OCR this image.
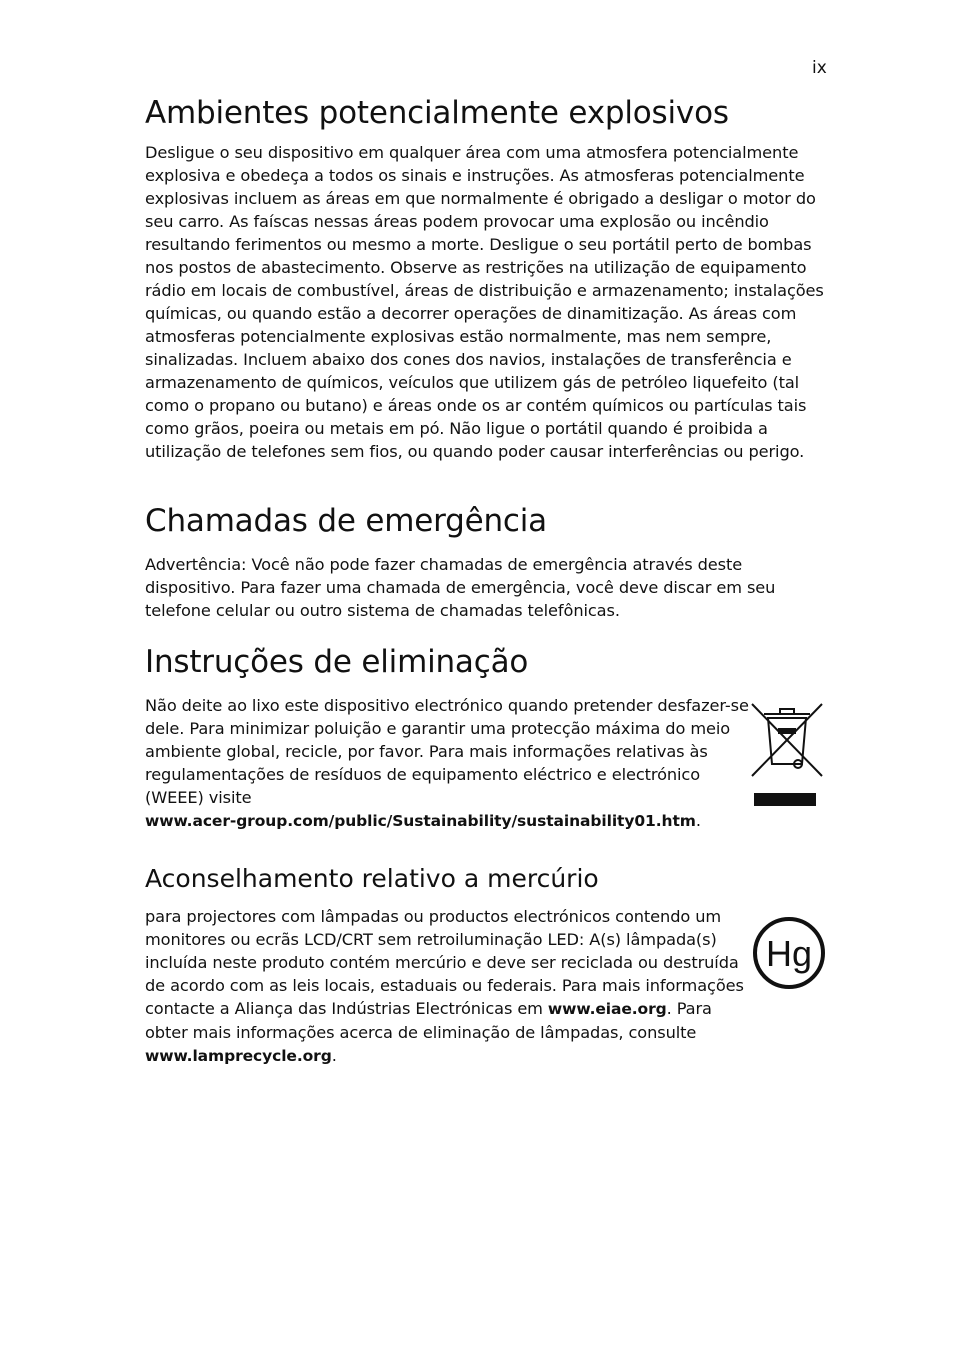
ix
Ambientes potencialmente explosivos

Desligue o seu dispositivo em qualquer área com uma atmosfera potencialmente explosiva e obedeça a todos os sinais e instruções. As atmosferas potencialmente explosivas incluem as áreas em que normalmente é obrigado a desligar o motor do seu carro. As faíscas nessas áreas podem provocar uma explosão ou incêndio resultando ferimentos ou mesmo a morte. Desligue o seu portátil perto de bombas nos postos de abastecimento. Observe as restrições na utilização de equipamento rádio em locais de combustível, áreas de distribuição e armazenamento; instalações químicas, ou quando estão a decorrer operações de dinamitização. As áreas com atmosferas potencialmente explosivas estão normalmente, mas nem sempre, sinalizadas. Incluem abaixo dos cones dos navios, instalações de transferência e armazenamento de químicos, veículos que utilizem gás de petróleo liquefeito (tal como o propano ou butano) e áreas onde os ar contém químicos ou partículas tais como grãos, poeira ou metais em pó. Não ligue o portátil quando é proibida a utilização de telefones sem fios, ou quando poder causar interferências ou perigo.

Chamadas de emergência

Advertência: Você não pode fazer chamadas de emergência através deste dispositivo. Para fazer uma chamada de emergência, você deve discar em seu telefone celular ou outro sistema de chamadas telefônicas.

Instruções de eliminação

Não deite ao lixo este dispositivo electrónico quando pretender desfazer-se dele. Para minimizar poluição e garantir uma protecção máxima do meio ambiente global, recicle, por favor. Para mais informações relativas às regulamentações de resíduos de equipamento eléctrico e electrónico (WEEE) visite
www.acer-group.com/public/Sustainability/sustainability01.htm.

Aconselhamento relativo a mercúrio

para projectores com lâmpadas ou productos electrónicos contendo um monitores ou ecrãs LCD/CRT sem retroiluminação LED: A(s) lâmpada(s) incluída neste produto contém mercúrio e deve ser reciclada ou destruída de acordo com as leis locais, estaduais ou federais. Para mais informações contacte a Aliança das Indústrias Electrónicas em www.eiae.org. Para obter mais informações acerca de eliminação de lâmpadas, consulte www.lamprecycle.org.

Hg
